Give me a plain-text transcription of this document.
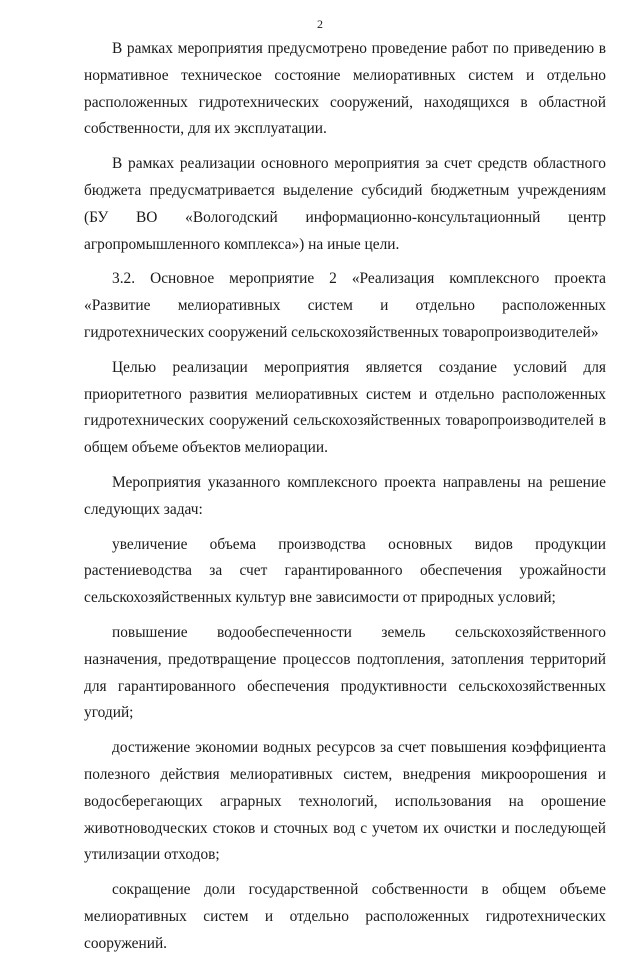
2

В рамках мероприятия предусмотрено проведение работ по приведению в нормативное техническое состояние мелиоративных систем и отдельно расположенных гидротехнических сооружений, находящихся в областной собственности, для их эксплуатации.

В рамках реализации основного мероприятия за счет средств областного бюджета предусматривается выделение субсидий бюджетным учреждениям (БУ ВО «Вологодский информационно-консультационный центр агропромышленного комплекса») на иные цели.

3.2. Основное мероприятие 2 «Реализация комплексного проекта «Развитие мелиоративных систем и отдельно расположенных гидротехнических сооружений сельскохозяйственных товаропроизводителей»

Целью реализации мероприятия является создание условий для приоритетного развития мелиоративных систем и отдельно расположенных гидротехнических сооружений сельскохозяйственных товаропроизводителей в общем объеме объектов мелиорации.

Мероприятия указанного комплексного проекта направлены на решение следующих задач:

увеличение объема производства основных видов продукции растениеводства за счет гарантированного обеспечения урожайности сельскохозяйственных культур вне зависимости от природных условий;

повышение водообеспеченности земель сельскохозяйственного назначения, предотвращение процессов подтопления, затопления территорий для гарантированного обеспечения продуктивности сельскохозяйственных угодий;

достижение экономии водных ресурсов за счет повышения коэффициента полезного действия мелиоративных систем, внедрения микроорошения и водосберегающих аграрных технологий, использования на орошение животноводческих стоков и сточных вод с учетом их очистки и последующей утилизации отходов;

сокращение доли государственной собственности в общем объеме мелиоративных систем и отдельно расположенных гидротехнических сооружений.
